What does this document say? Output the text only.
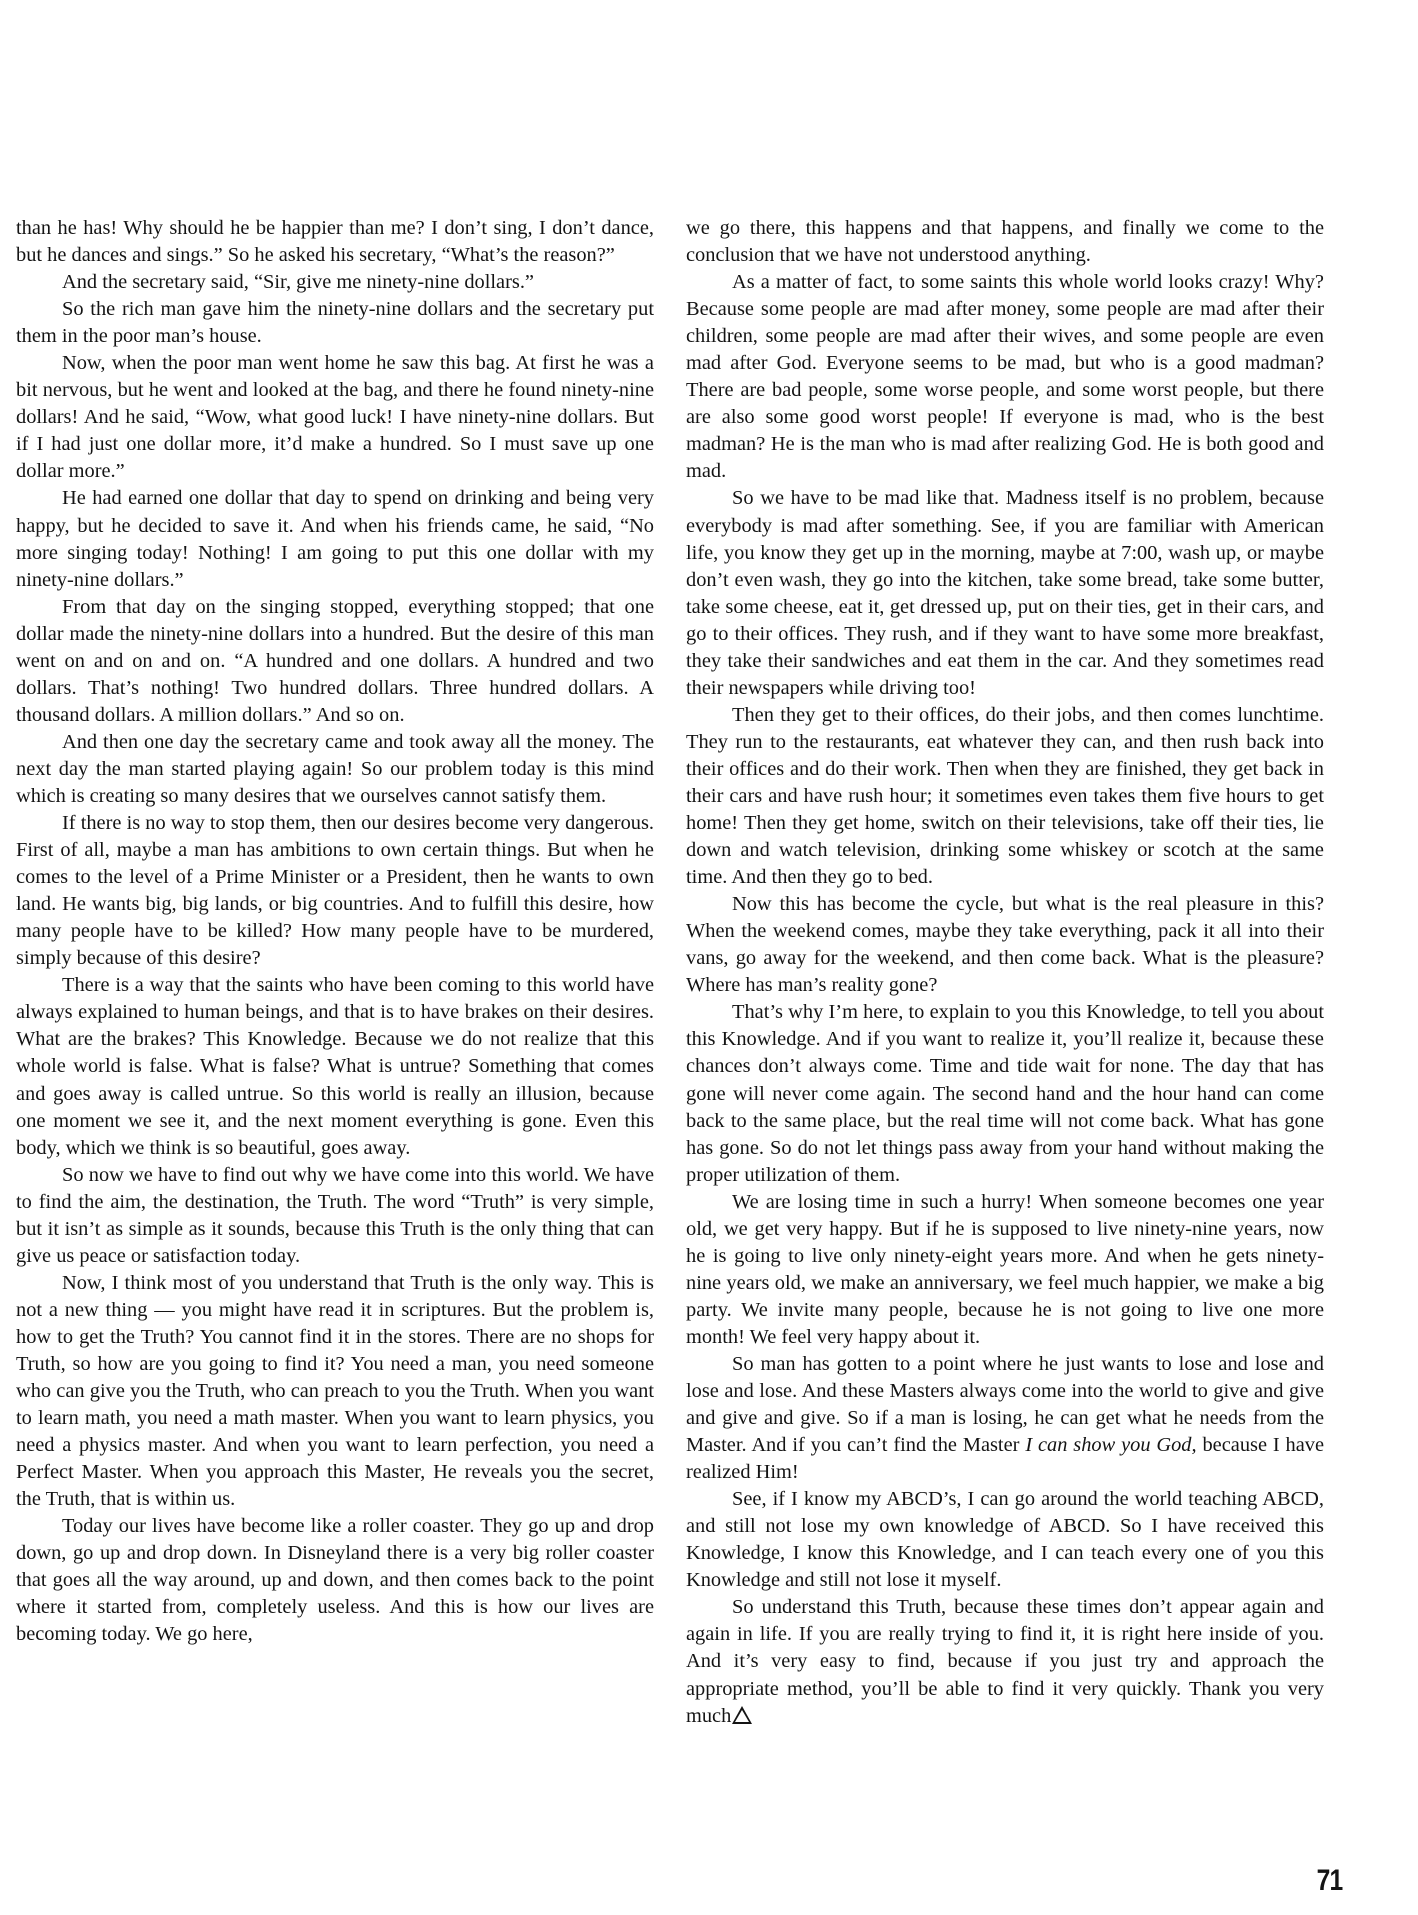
than he has! Why should he be happier than me? I don’t sing, I don’t dance, but he dances and sings.” So he asked his secretary, “What’s the reason?”

And the secretary said, “Sir, give me ninety-nine dollars.”

So the rich man gave him the ninety-nine dollars and the secretary put them in the poor man’s house.

Now, when the poor man went home he saw this bag. At first he was a bit nervous, but he went and looked at the bag, and there he found ninety-nine dollars! And he said, “Wow, what good luck! I have ninety-nine dollars. But if I had just one dollar more, it’d make a hundred. So I must save up one dollar more.”

He had earned one dollar that day to spend on drinking and being very happy, but he decided to save it. And when his friends came, he said, “No more singing today! Nothing! I am going to put this one dollar with my ninety-nine dollars.”

From that day on the singing stopped, everything stopped; that one dollar made the ninety-nine dollars into a hundred. But the desire of this man went on and on and on. “A hundred and one dollars. A hundred and two dollars. That’s nothing! Two hundred dollars. Three hundred dollars. A thousand dollars. A million dollars.” And so on.

And then one day the secretary came and took away all the money. The next day the man started playing again! So our problem today is this mind which is creating so many desires that we ourselves cannot satisfy them.

If there is no way to stop them, then our desires become very dangerous. First of all, maybe a man has ambitions to own certain things. But when he comes to the level of a Prime Minister or a President, then he wants to own land. He wants big, big lands, or big countries. And to fulfill this desire, how many people have to be killed? How many people have to be murdered, simply because of this desire?

There is a way that the saints who have been coming to this world have always explained to human beings, and that is to have brakes on their desires. What are the brakes? This Knowledge. Because we do not realize that this whole world is false. What is false? What is untrue? Something that comes and goes away is called untrue. So this world is really an illusion, because one moment we see it, and the next moment everything is gone. Even this body, which we think is so beautiful, goes away.

So now we have to find out why we have come into this world. We have to find the aim, the destination, the Truth. The word “Truth” is very simple, but it isn’t as simple as it sounds, because this Truth is the only thing that can give us peace or satisfaction today.

Now, I think most of you understand that Truth is the only way. This is not a new thing — you might have read it in scriptures. But the problem is, how to get the Truth? You cannot find it in the stores. There are no shops for Truth, so how are you going to find it? You need a man, you need someone who can give you the Truth, who can preach to you the Truth. When you want to learn math, you need a math master. When you want to learn physics, you need a physics master. And when you want to learn perfection, you need a Perfect Master. When you approach this Master, He reveals you the secret, the Truth, that is within us.

Today our lives have become like a roller coaster. They go up and drop down, go up and drop down. In Disneyland there is a very big roller coaster that goes all the way around, up and down, and then comes back to the point where it started from, completely useless. And this is how our lives are becoming today. We go here,

we go there, this happens and that happens, and finally we come to the conclusion that we have not understood anything.

As a matter of fact, to some saints this whole world looks crazy! Why? Because some people are mad after money, some people are mad after their children, some people are mad after their wives, and some people are even mad after God. Everyone seems to be mad, but who is a good madman? There are bad people, some worse people, and some worst people, but there are also some good worst people! If everyone is mad, who is the best madman? He is the man who is mad after realizing God. He is both good and mad.

So we have to be mad like that. Madness itself is no problem, because everybody is mad after something. See, if you are familiar with American life, you know they get up in the morning, maybe at 7:00, wash up, or maybe don’t even wash, they go into the kitchen, take some bread, take some butter, take some cheese, eat it, get dressed up, put on their ties, get in their cars, and go to their offices. They rush, and if they want to have some more breakfast, they take their sandwiches and eat them in the car. And they sometimes read their newspapers while driving too!

Then they get to their offices, do their jobs, and then comes lunchtime. They run to the restaurants, eat whatever they can, and then rush back into their offices and do their work. Then when they are finished, they get back in their cars and have rush hour; it sometimes even takes them five hours to get home! Then they get home, switch on their televisions, take off their ties, lie down and watch television, drinking some whiskey or scotch at the same time. And then they go to bed.

Now this has become the cycle, but what is the real pleasure in this? When the weekend comes, maybe they take everything, pack it all into their vans, go away for the weekend, and then come back. What is the pleasure? Where has man’s reality gone?

That’s why I’m here, to explain to you this Knowledge, to tell you about this Knowledge. And if you want to realize it, you’ll realize it, because these chances don’t always come. Time and tide wait for none. The day that has gone will never come again. The second hand and the hour hand can come back to the same place, but the real time will not come back. What has gone has gone. So do not let things pass away from your hand without making the proper utilization of them.

We are losing time in such a hurry! When someone becomes one year old, we get very happy. But if he is supposed to live ninety-nine years, now he is going to live only ninety-eight years more. And when he gets ninety-nine years old, we make an anniversary, we feel much happier, we make a big party. We invite many people, because he is not going to live one more month! We feel very happy about it.

So man has gotten to a point where he just wants to lose and lose and lose and lose. And these Masters always come into the world to give and give and give and give. So if a man is losing, he can get what he needs from the Master. And if you can’t find the Master I can show you God, because I have realized Him!

See, if I know my ABCD’s, I can go around the world teaching ABCD, and still not lose my own knowledge of ABCD. So I have received this Knowledge, I know this Knowledge, and I can teach every one of you this Knowledge and still not lose it myself.

So understand this Truth, because these times don’t appear again and again in life. If you are really trying to find it, it is right here inside of you. And it’s very easy to find, because if you just try and approach the appropriate method, you’ll be able to find it very quickly. Thank you very much

71
